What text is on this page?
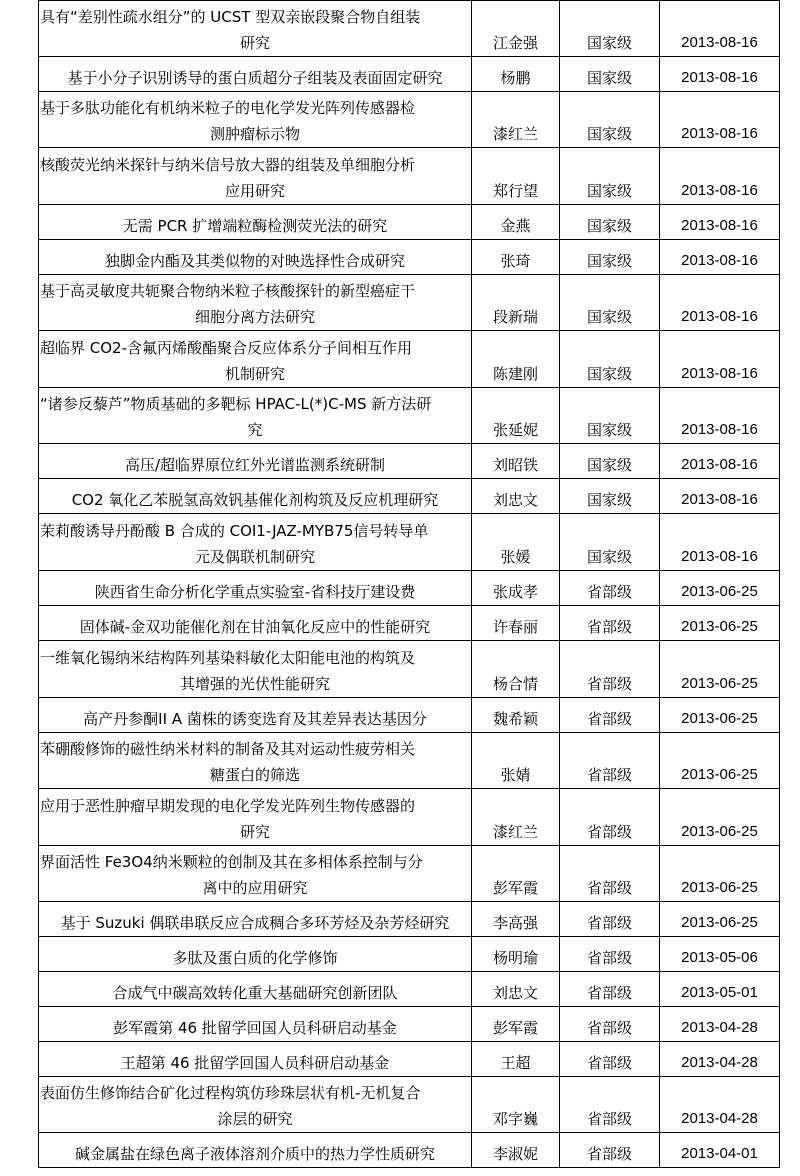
具有“差别性疏水组分”的 UCST 型双亲嵌段聚合物自组装研究	江金强	国家级	2013-08-16
基于小分子识别诱导的蛋白质超分子组装及表面固定研究	杨鹏	国家级	2013-08-16
基于多肽功能化有机纳米粒子的电化学发光阵列传感器检测肿瘤标示物	漆红兰	国家级	2013-08-16
核酸荧光纳米探针与纳米信号放大器的组装及单细胞分析应用研究	郑行望	国家级	2013-08-16
无需 PCR 扩增端粒酶检测荧光法的研究	金燕	国家级	2013-08-16
独脚金内酯及其类似物的对映选择性合成研究	张琦	国家级	2013-08-16
基于高灵敏度共轭聚合物纳米粒子核酸探针的新型癌症干细胞分离方法研究	段新瑞	国家级	2013-08-16
超临界 CO2-含氟丙烯酸酯聚合反应体系分子间相互作用机制研究	陈建刚	国家级	2013-08-16
“诸参反藜芦”物质基础的多靶标 HPAC-L(*)C-MS 新方法研究	张延妮	国家级	2013-08-16
高压/超临界原位红外光谱监测系统研制	刘昭铁	国家级	2013-08-16
CO2 氧化乙苯脱氢高效钒基催化剂构筑及反应机理研究	刘忠文	国家级	2013-08-16
茉莉酸诱导丹酚酸 B 合成的 COI1-JAZ-MYB75信号转导单元及偶联机制研究	张媛	国家级	2013-08-16
陕西省生命分析化学重点实验室-省科技厅建设费	张成孝	省部级	2013-06-25
固体碱-金双功能催化剂在甘油氧化反应中的性能研究	许春丽	省部级	2013-06-25
一维氧化锡纳米结构阵列基染料敏化太阳能电池的构筑及其增强的光伏性能研究	杨合情	省部级	2013-06-25
高产丹参酮II A 菌株的诱变选育及其差异表达基因分	魏希颖	省部级	2013-06-25
苯硼酸修饰的磁性纳米材料的制备及其对运动性疲劳相关糖蛋白的筛选	张婧	省部级	2013-06-25
应用于恶性肿瘤早期发现的电化学发光阵列生物传感器的研究	漆红兰	省部级	2013-06-25
界面活性 Fe3O4纳米颗粒的创制及其在多相体系控制与分离中的应用研究	彭军霞	省部级	2013-06-25
基于 Suzuki 偶联串联反应合成稠合多环芳烃及杂芳烃研究	李高强	省部级	2013-06-25
多肽及蛋白质的化学修饰	杨明瑜	省部级	2013-05-06
合成气中碳高效转化重大基础研究创新团队	刘忠文	省部级	2013-05-01
彭军霞第 46 批留学回国人员科研启动基金	彭军霞	省部级	2013-04-28
王超第 46 批留学回国人员科研启动基金	王超	省部级	2013-04-28
表面仿生修饰结合矿化过程构筑仿珍珠层状有机-无机复合涂层的研究	邓字巍	省部级	2013-04-28
碱金属盐在绿色离子液体溶剂介质中的热力学性质研究	李淑妮	省部级	2013-04-01
